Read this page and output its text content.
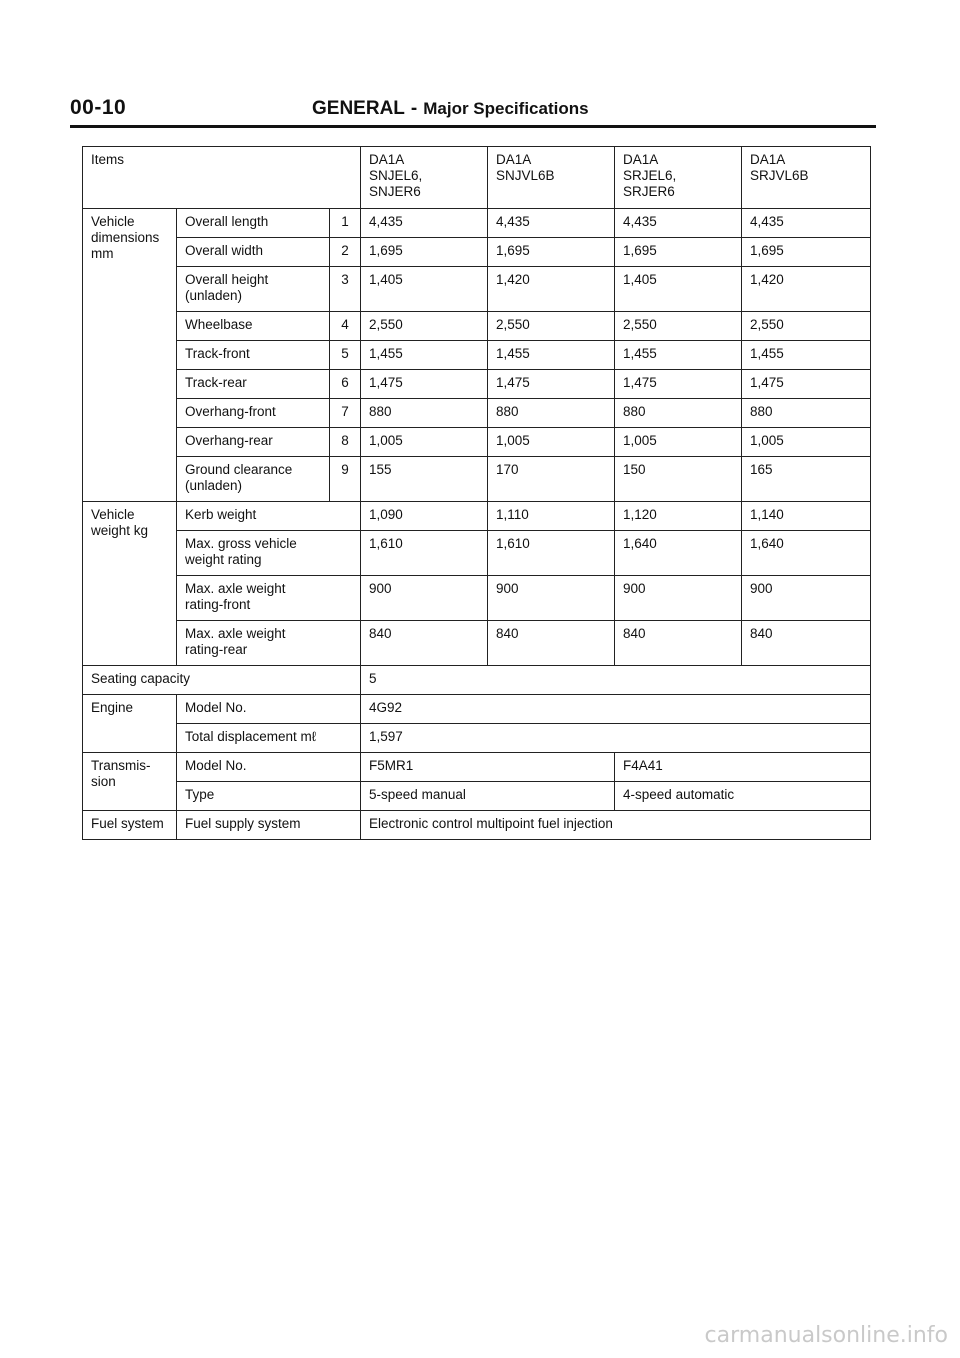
00-10	GENERAL - Major Specifications
Items			DA1A
SNJEL6,
SNJER6	DA1A
SNJVL6B	DA1A
SRJEL6,
SRJER6	DA1A
SRJVL6B
Vehicle
dimensions
mm	Overall length	1	4,435	4,435	4,435	4,435
	Overall width	2	1,695	1,695	1,695	1,695
	Overall height
(unladen)	3	1,405	1,420	1,405	1,420
	Wheelbase	4	2,550	2,550	2,550	2,550
	Track-front	5	1,455	1,455	1,455	1,455
	Track-rear	6	1,475	1,475	1,475	1,475
	Overhang-front	7	880	880	880	880
	Overhang-rear	8	1,005	1,005	1,005	1,005
	Ground clearance
(unladen)	9	155	170	150	165
Vehicle
weight kg	Kerb weight		1,090	1,110	1,120	1,140
	Max. gross vehicle
weight rating		1,610	1,610	1,640	1,640
	Max. axle weight
rating-front		900	900	900	900
	Max. axle weight
rating-rear		840	840	840	840
Seating capacity			5			
Engine	Model No.		4G92			
	Total displacement mℓ		1,597			
Transmis-
sion	Model No.		F5MR1		F4A41	
	Type		5-speed manual		4-speed automatic	
Fuel system	Fuel supply system		Electronic control multipoint fuel injection			
carmanualsonline.info
